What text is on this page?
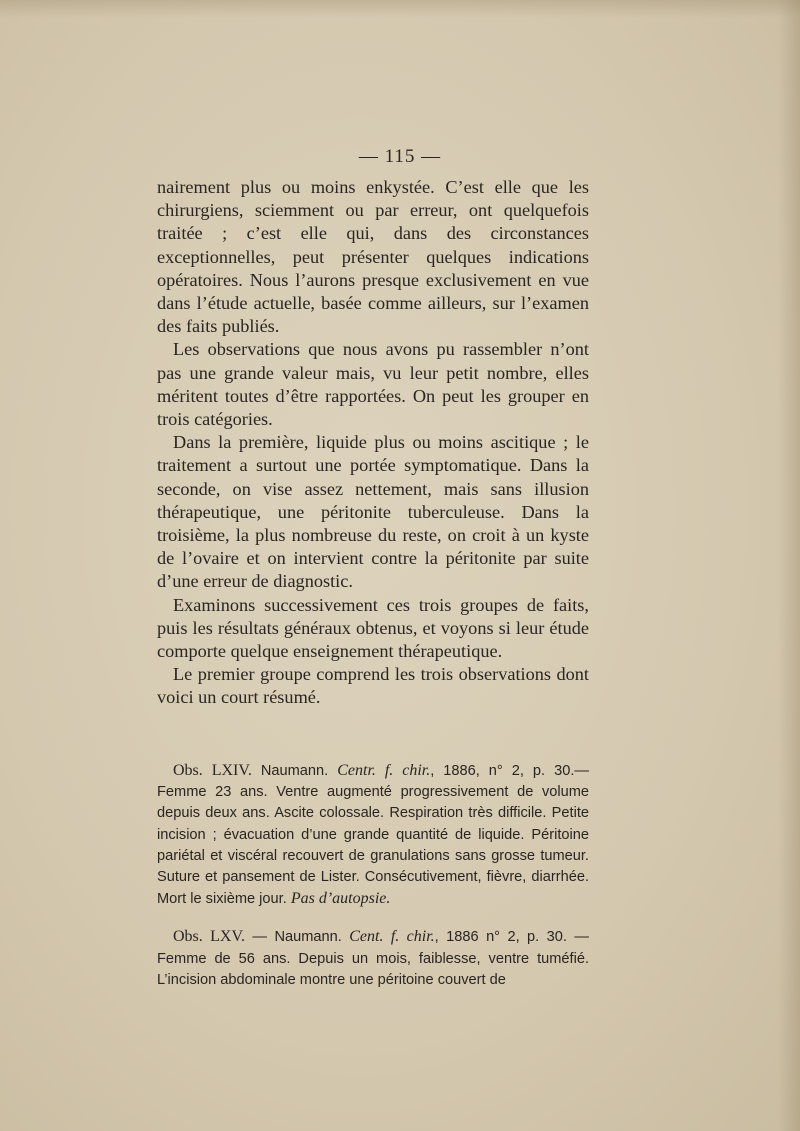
— 115 —

nairement plus ou moins enkystée. C’est elle que les chirurgiens, sciemment ou par erreur, ont quelquefois traitée ; c’est elle qui, dans des circonstances exceptionnelles, peut présenter quelques indications opératoires. Nous l’aurons presque exclusivement en vue dans l’étude actuelle, basée comme ailleurs, sur l’examen des faits publiés.

Les observations que nous avons pu rassembler n’ont pas une grande valeur mais, vu leur petit nombre, elles méritent toutes d’être rapportées. On peut les grouper en trois catégories.

Dans la première, liquide plus ou moins ascitique ; le traitement a surtout une portée symptomatique. Dans la seconde, on vise assez nettement, mais sans illusion thérapeutique, une péritonite tuberculeuse. Dans la troisième, la plus nombreuse du reste, on croit à un kyste de l’ovaire et on intervient contre la péritonite par suite d’une erreur de diagnostic.

Examinons successivement ces trois groupes de faits, puis les résultats généraux obtenus, et voyons si leur étude comporte quelque enseignement thérapeutique.

Le premier groupe comprend les trois observations dont voici un court résumé.

Obs. LXIV. Naumann. Centr. f. chir., 1886, n° 2, p. 30.— Femme 23 ans. Ventre augmenté progressivement de volume depuis deux ans. Ascite colossale. Respiration très difficile. Petite incision ; évacuation d’une grande quantité de liquide. Péritoine pariétal et viscéral recouvert de granulations sans grosse tumeur. Suture et pansement de Lister. Consécutivement, fièvre, diarrhée. Mort le sixième jour. Pas d’autopsie.

Obs. LXV. — Naumann. Cent. f. chir., 1886 n° 2, p. 30. — Femme de 56 ans. Depuis un mois, faiblesse, ventre tuméfié. L’incision abdominale montre une péritoine couvert de
